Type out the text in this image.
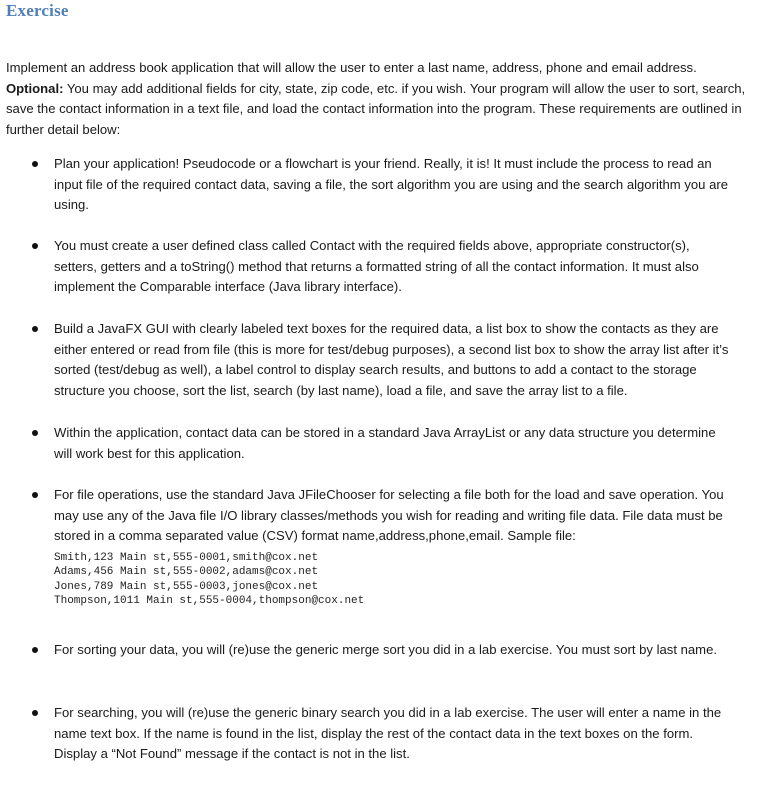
Exercise

Implement an address book application that will allow the user to enter a last name, address, phone and email address.
Optional: You may add additional fields for city, state, zip code, etc. if you wish. Your program will allow the user to sort, search, save the contact information in a text file, and load the contact information into the program. These requirements are outlined in further detail below:

Plan your application! Pseudocode or a flowchart is your friend. Really, it is! It must include the process to read an input file of the required contact data, saving a file, the sort algorithm you are using and the search algorithm you are using.
You must create a user defined class called Contact with the required fields above, appropriate constructor(s), setters, getters and a toString() method that returns a formatted string of all the contact information. It must also implement the Comparable interface (Java library interface).
Build a JavaFX GUI with clearly labeled text boxes for the required data, a list box to show the contacts as they are either entered or read from file (this is more for test/debug purposes), a second list box to show the array list after it’s sorted (test/debug as well), a label control to display search results, and buttons to add a contact to the storage structure you choose, sort the list, search (by last name), load a file, and save the array list to a file.
Within the application, contact data can be stored in a standard Java ArrayList or any data structure you determine will work best for this application.
For file operations, use the standard Java JFileChooser for selecting a file both for the load and save operation. You may use any of the Java file I/O library classes/methods you wish for reading and writing file data. File data must be stored in a comma separated value (CSV) format name,address,phone,email. Sample file:
Smith,123 Main st,555-0001,smith@cox.net
Adams,456 Main st,555-0002,adams@cox.net
Jones,789 Main st,555-0003,jones@cox.net
Thompson,1011 Main st,555-0004,thompson@cox.net
For sorting your data, you will (re)use the generic merge sort you did in a lab exercise. You must sort by last name.
For searching, you will (re)use the generic binary search you did in a lab exercise. The user will enter a name in the name text box. If the name is found in the list, display the rest of the contact data in the text boxes on the form. Display a “Not Found” message if the contact is not in the list.
